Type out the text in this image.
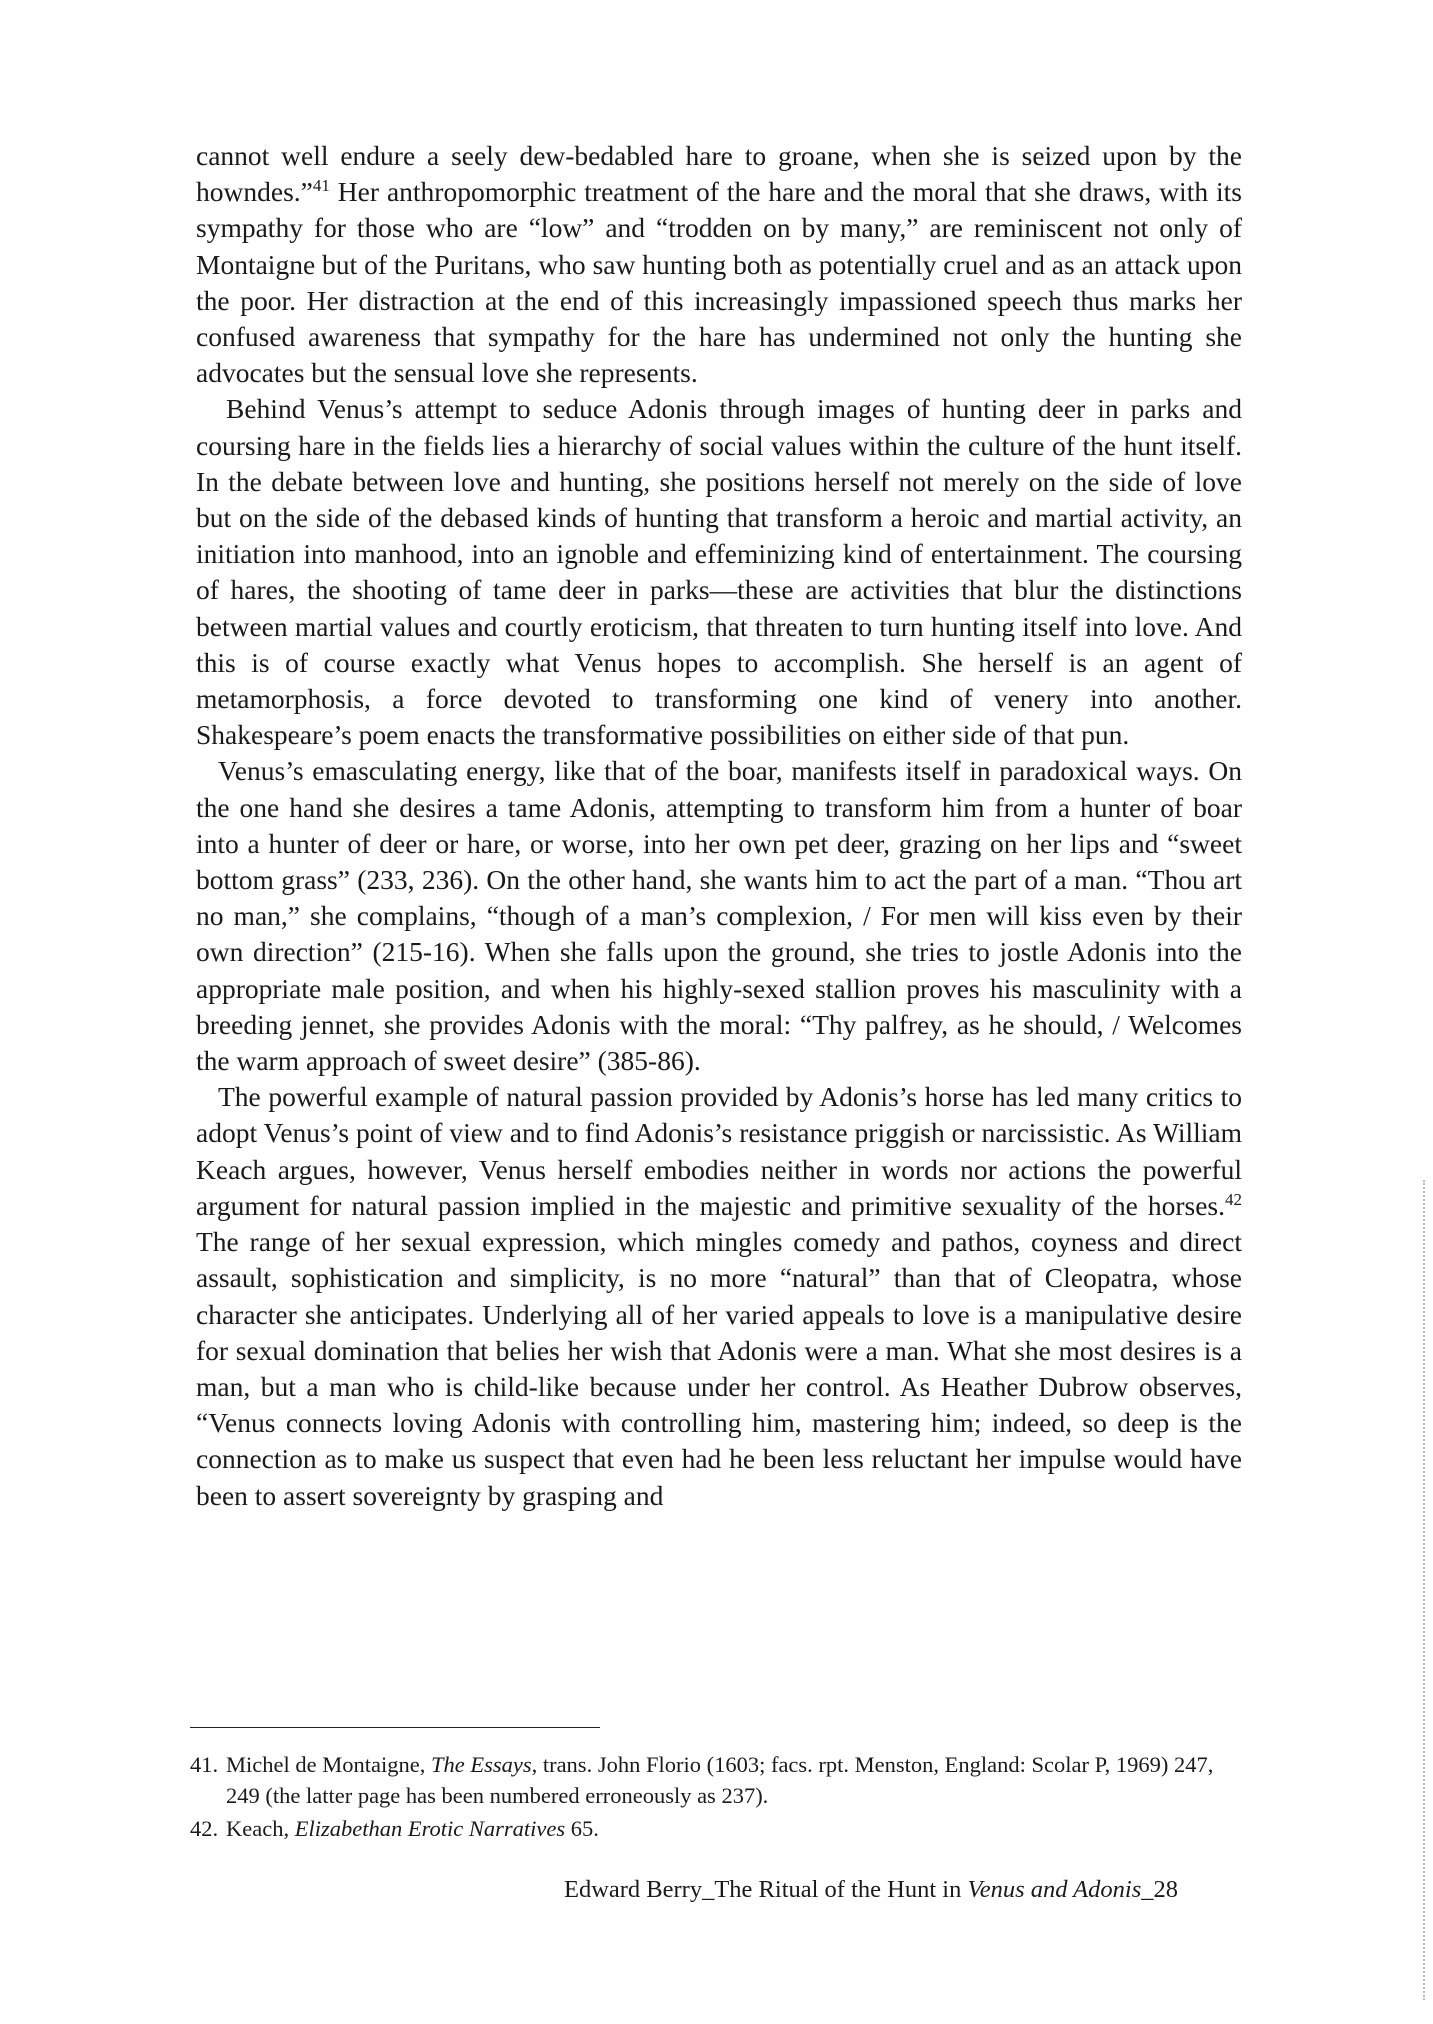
cannot well endure a seely dew-bedabled hare to groane, when she is seized upon by the howndes.”$^{41}$ Her anthropomorphic treatment of the hare and the moral that she draws, with its sympathy for those who are “low” and “trodden on by many,” are reminiscent not only of Montaigne but of the Puritans, who saw hunting both as potentially cruel and as an attack upon the poor. Her distraction at the end of this increasingly impassioned speech thus marks her confused awareness that sympathy for the hare has undermined not only the hunting she advocates but the sensual love she represents.

Behind Venus’s attempt to seduce Adonis through images of hunting deer in parks and coursing hare in the fields lies a hierarchy of social values within the culture of the hunt itself. In the debate between love and hunting, she positions herself not merely on the side of love but on the side of the debased kinds of hunting that transform a heroic and martial activity, an initiation into manhood, into an ignoble and effeminizing kind of entertainment. The coursing of hares, the shooting of tame deer in parks—these are activities that blur the distinctions between martial values and courtly eroticism, that threaten to turn hunting itself into love. And this is of course exactly what Venus hopes to accomplish. She herself is an agent of metamorphosis, a force devoted to transforming one kind of venery into another. Shakespeare’s poem enacts the transformative possibilities on either side of that pun.

Venus’s emasculating energy, like that of the boar, manifests itself in paradoxical ways. On the one hand she desires a tame Adonis, attempting to transform him from a hunter of boar into a hunter of deer or hare, or worse, into her own pet deer, grazing on her lips and “sweet bottom grass” (233, 236). On the other hand, she wants him to act the part of a man. “Thou art no man,” she complains, “though of a man’s complexion, / For men will kiss even by their own direction” (215-16). When she falls upon the ground, she tries to jostle Adonis into the appropriate male position, and when his highly-sexed stallion proves his masculinity with a breeding jennet, she provides Adonis with the moral: “Thy palfrey, as he should, / Welcomes the warm approach of sweet desire” (385-86).

The powerful example of natural passion provided by Adonis’s horse has led many critics to adopt Venus’s point of view and to find Adonis’s resistance priggish or narcissistic. As William Keach argues, however, Venus herself embodies neither in words nor actions the powerful argument for natural passion implied in the majestic and primitive sexuality of the horses.$^{42}$ The range of her sexual expression, which mingles comedy and pathos, coyness and direct assault, sophistication and simplicity, is no more “natural” than that of Cleopatra, whose character she anticipates. Underlying all of her varied appeals to love is a manipulative desire for sexual domination that belies her wish that Adonis were a man. What she most desires is a man, but a man who is child-like because under her control. As Heather Dubrow observes, “Venus connects loving Adonis with controlling him, mastering him; indeed, so deep is the connection as to make us suspect that even had he been less reluctant her impulse would have been to assert sovereignty by grasping and

41. Michel de Montaigne, The Essays, trans. John Florio (1603; facs. rpt. Menston, England: Scolar P, 1969) 247, 249 (the latter page has been numbered erroneously as 237).

42. Keach, Elizabethan Erotic Narratives 65.

Edward Berry_The Ritual of the Hunt in Venus and Adonis_28
